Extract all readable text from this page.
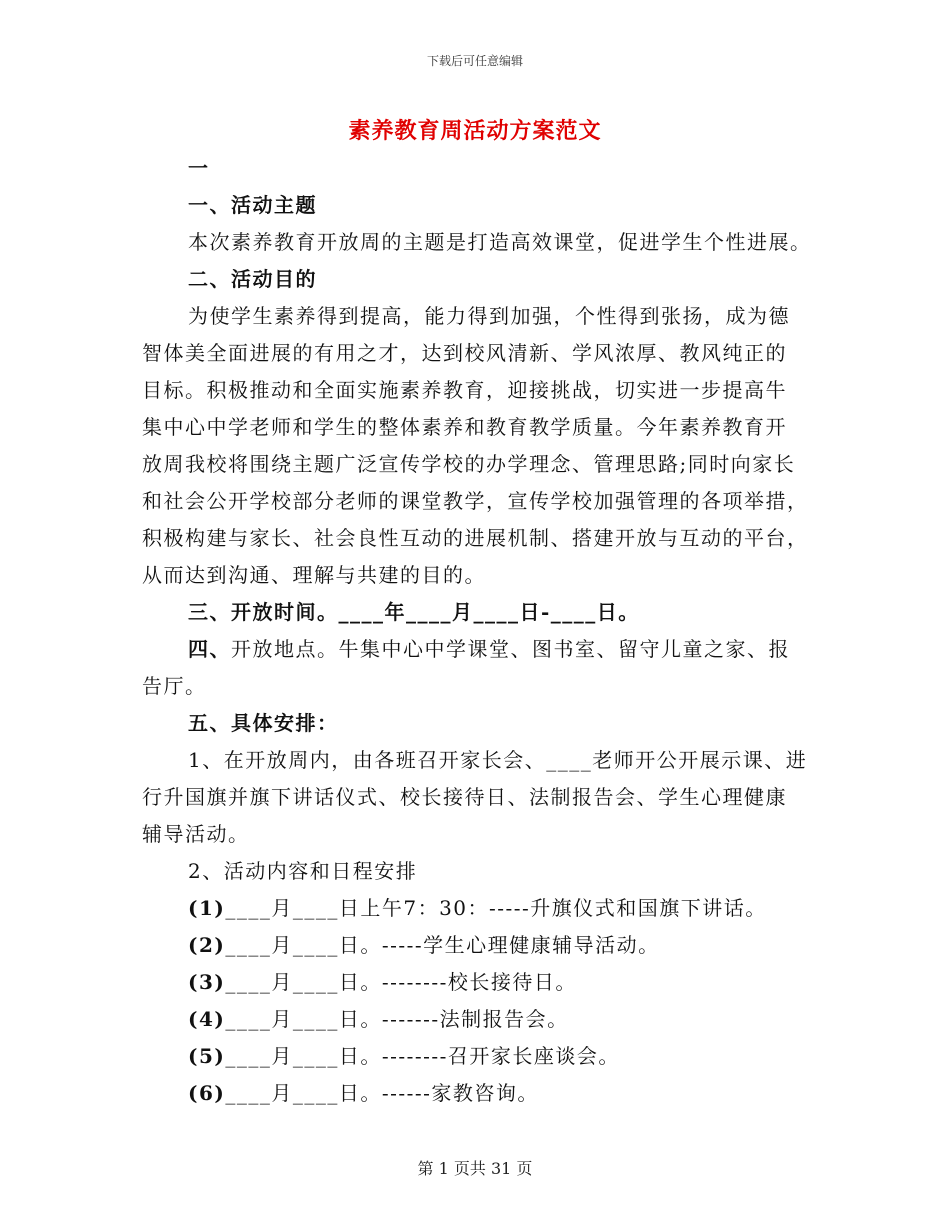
下载后可任意编辑
素养教育周活动方案范文
一
一、活动主题
本次素养教育开放周的主题是打造高效课堂，促进学生个性进展。
二、活动目的
为使学生素养得到提高，能力得到加强，个性得到张扬，成为德
智体美全面进展的有用之才，达到校风清新、学风浓厚、教风纯正的
目标。积极推动和全面实施素养教育，迎接挑战，切实进一步提高牛
集中心中学老师和学生的整体素养和教育教学质量。今年素养教育开
放周我校将围绕主题广泛宣传学校的办学理念、管理思路;同时向家长
和社会公开学校部分老师的课堂教学，宣传学校加强管理的各项举措，
积极构建与家长、社会良性互动的进展机制、搭建开放与互动的平台，
从而达到沟通、理解与共建的目的。
三、开放时间。____年____月____日-____日。
四、开放地点。牛集中心中学课堂、图书室、留守儿童之家、报
告厅。
五、具体安排：
1、在开放周内，由各班召开家长会、____老师开公开展示课、进
行升国旗并旗下讲话仪式、校长接待日、法制报告会、学生心理健康
辅导活动。
2、活动内容和日程安排
(1)____月____日上午7：30：-----升旗仪式和国旗下讲话。
(2)____月____日。-----学生心理健康辅导活动。
(3)____月____日。--------校长接待日。
(4)____月____日。-------法制报告会。
(5)____月____日。--------召开家长座谈会。
(6)____月____日。------家教咨询。
第 1 页共 31 页
